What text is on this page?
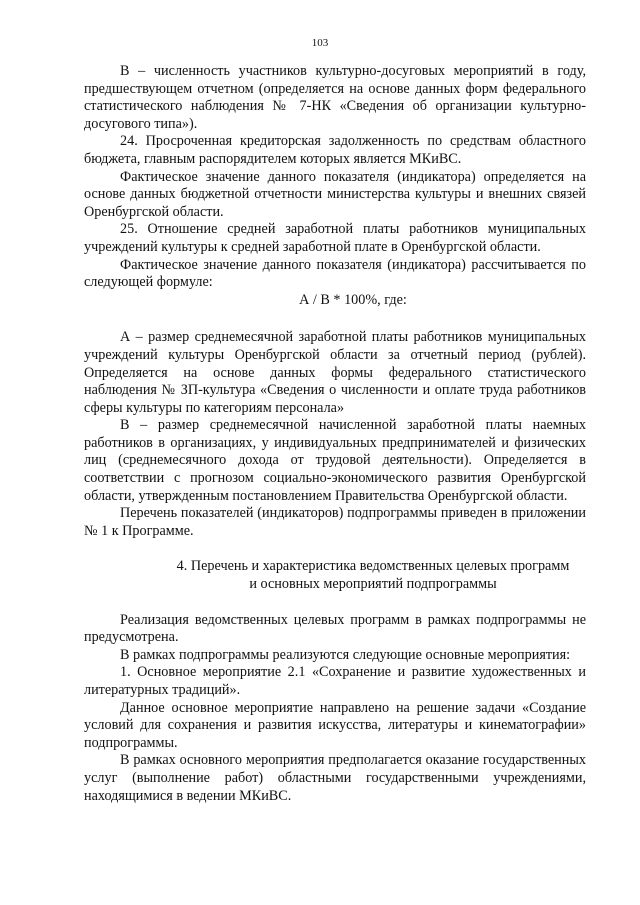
103

В – численность участников культурно-досуговых мероприятий в году, предшествующем отчетном (определяется на основе данных форм федерального статистического наблюдения № 7-НК «Сведения об организации культурно-досугового типа»).

24. Просроченная кредиторская задолженность по средствам областного бюджета, главным распорядителем которых является МКиВС.

Фактическое значение данного показателя (индикатора) определяется на основе данных бюджетной отчетности министерства культуры и внешних связей Оренбургской области.

25. Отношение средней заработной платы работников муниципальных учреждений культуры к средней заработной плате в Оренбургской области.

Фактическое значение данного показателя (индикатора) рассчитывается по следующей формуле:

А / В * 100%, где:

А – размер среднемесячной заработной платы работников муниципальных учреждений культуры Оренбургской области за отчетный период (рублей). Определяется на основе данных формы федерального статистического наблюдения № ЗП-культура «Сведения о численности и оплате труда работников сферы культуры по категориям персонала»

В – размер среднемесячной начисленной заработной платы наемных работников в организациях, у индивидуальных предпринимателей и физических лиц (среднемесячного дохода от трудовой деятельности). Определяется в соответствии с прогнозом социально-экономического развития Оренбургской области, утвержденным постановлением Правительства Оренбургской области.

Перечень показателей (индикаторов) подпрограммы приведен в приложении № 1 к Программе.

4. Перечень и характеристика ведомственных целевых программ
и основных мероприятий подпрограммы

Реализация ведомственных целевых программ в рамках подпрограммы не предусмотрена.

В рамках подпрограммы реализуются следующие основные мероприятия:

1. Основное мероприятие 2.1 «Сохранение и развитие художественных и литературных традиций».

Данное основное мероприятие направлено на решение задачи «Создание условий для сохранения и развития искусства, литературы и кинематографии» подпрограммы.

В рамках основного мероприятия предполагается оказание государственных услуг (выполнение работ) областными государственными учреждениями, находящимися в ведении МКиВС.
